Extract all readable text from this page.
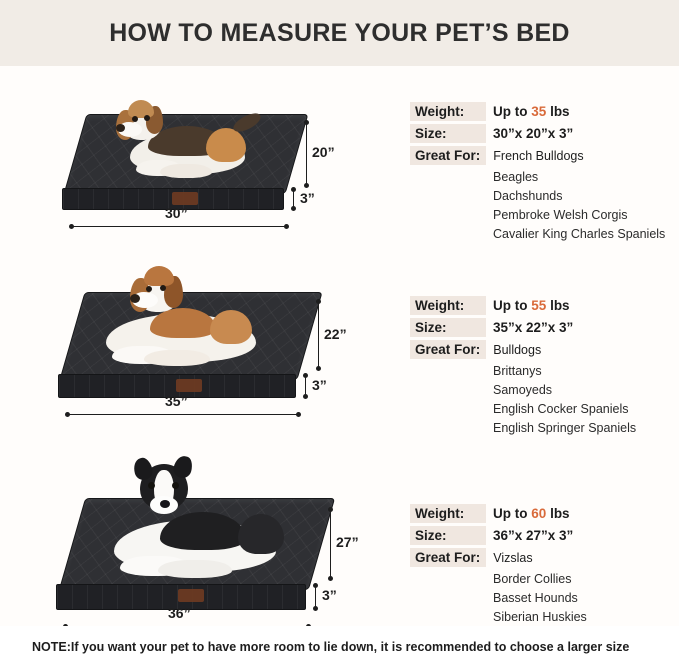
HOW TO MEASURE YOUR PET’S BED
20”
3”
30”
Weight:	Up to 35 lbs
Size:	30”x 20”x 3”
Great For:	French Bulldogs
Beagles
Dachshunds
Pembroke Welsh Corgis
Cavalier King Charles Spaniels
22”
3”
35”
Weight:	Up to 55 lbs
Size:	35”x 22”x 3”
Great For:	Bulldogs
Brittanys
Samoyeds
English Cocker Spaniels
English Springer Spaniels
27”
3”
36”
Weight:	Up to 60 lbs
Size:	36”x 27”x 3”
Great For:	Vizslas
Border Collies
Basset Hounds
Siberian Huskies
NOTE:If you want your pet to have more room to lie down, it is recommended to choose a larger size
